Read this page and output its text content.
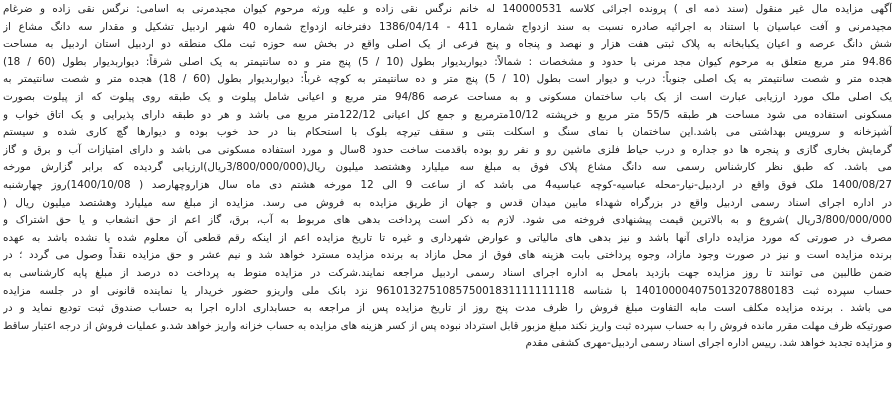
آگهی مزایده مال غیر منقول (سند ذمه ای ) پرونده اجرائی کلاسه 140000531 له خانم نرگس نقی زاده و علیه ورثه مرحوم کیوان مجیدمرنی به اسامی: نرگس نقی زاده و ضرغام
مجیدمرنی و آفت عباسیان با استناد به اجرائیه صادره نسبت به سند ازدواج شماره 411 - 1386/04/14 دفترخانه ازدواج شماره 40 شهر اردبیل تشکیل و مقدار سه دانگ مشاع از
شش دانگ عرصه و اعیان یکبابخانه به پلاک ثبتی هفت هزار و نهصد و پنجاه و پنج فرعی از یک اصلی واقع در بخش سه حوزه ثبت ملک منطقه دو اردبیل استان اردبیل به مساحت
94.86 متر مربع متعلق به مرحوم کیوان مجد مرنی با حدود و مشخصات : شمالاً: دیواربدیوار بطول (10 / 5) پنج متر و ده سانتیمتر به یک اصلی شرقاً: دیواربدیوار بطول (60 / 18)
هجده متر و شصت سانتیمتر به یک اصلی جنوباً: درب و دیوار است بطول (10 / 5) پنج متر و ده سانتیمتر به کوچه غرباً: دیواربدیوار بطول (60 / 18) هجده متر و شصت سانتیمتر به
یک اصلی ملک مورد ارزیابی عبارت است از یک باب ساختمان مسکونی و به مساحت عرصه 94/86 متر مربع و اعیانی شامل پیلوت و یک طبقه روی پیلوت که از پیلوت بصورت
مسکونی استفاده می شود مساحت هر طبقه 55/5 متر مربع و خرپشته 10/12مترمربع و جمع کل اعیانی 122/12متر مربع می باشد و هر دو طبقه دارای پذیرایی و یک اتاق خواب و
آشپزخانه و سرویس بهداشتی می باشد.این ساختمان با نمای سنگ و اسکلت بتنی و سقف تیرچه بلوک با استحکام بنا در حد خوب بوده و دیوارها گچ کاری شده و سیستم
گرمایش بخاری گازی و پنجره ها دو جداره و درب حیاط فلزی ماشین رو و نفر رو بوده باقدمت ساخت حدود 8سال و مورد استفاده مسکونی می باشد و دارای امتیازات آب و برق و گاز
می باشد. که طبق نظر کارشناس رسمی سه دانگ مشاع پلاک فوق به مبلغ سه میلیارد وهشتصد میلیون ریال(3/800/000/000ریال)ارزیابی گردیده که برابر گزارش مورخه
1400/08/27 ملک فوق واقع در اردبیل-نیار-محله عباسیه-کوچه عباسیه4 می باشد که از ساعت 9 الی 12 مورخه هشتم دی ماه سال هزاروچهارصد ( 1400/10/08)روز چهارشنبه
در اداره اجرای اسناد رسمی اردبیل واقع در بزرگراه شهداء مابین میدان قدس و جهان از طریق مزایده به فروش می رسد. مزایده از مبلغ سه میلیارد وهشتصد میلیون ریال (
3/800/000/000ریال )شروع و به بالاترین قیمت پیشنهادی فروخته می شود. لازم به ذکر است پرداخت بدهی های مربوط به آب، برق، گاز اعم از حق انشعاب و یا حق اشتراک و
مصرف در صورتی که مورد مزایده دارای آنها باشد و نیز بدهی های مالیاتی و عوارض شهرداری و غیره تا تاریخ مزایده اعم از اینکه رقم قطعی آن معلوم شده یا نشده باشد به عهده
برنده مزایده است و نیز در صورت وجود مازاد، وجوه پرداختی بابت هزینه های فوق از محل مازاد به برنده مزایده مسترد خواهد شد و نیم عشر و حق مزایده نقداً وصول می گردد ؛ در
ضمن طالبین می توانند تا روز مزایده جهت بازدید بامحل به اداره اجرای اسناد رسمی اردبیل مراجعه نمایند.شرکت در مزایده منوط به پرداخت ده درصد از مبلغ پایه کارشناسی به
حساب سپرده ثبت 140100004075013207880183 با شناسه 961013275108575001831111111118 نزد بانک ملی واریزو حضور خریدار یا نماینده قانونی او در جلسه مزایده
می باشد . برنده مزایده مکلف است مابه التفاوت مبلغ فروش را ظرف مدت پنج روز از تاریخ مزایده پس از مراجعه به حسابداری اداره اجرا به حساب صندوق ثبت تودیع نماید و در
صورتیکه ظرف مهلت مقرر مانده فروش را به حساب سپرده ثبت واریز نکند مبلغ مزبور قابل استرداد نبوده پس از کسر هزینه های مزایده به حساب خزانه واریز خواهد شد.و عملیات فروش از درجه اعتبار ساقط
و مزایده تجدید خواهد شد. رییس اداره اجرای اسناد رسمی اردبیل-مهری کشفی مقدم
